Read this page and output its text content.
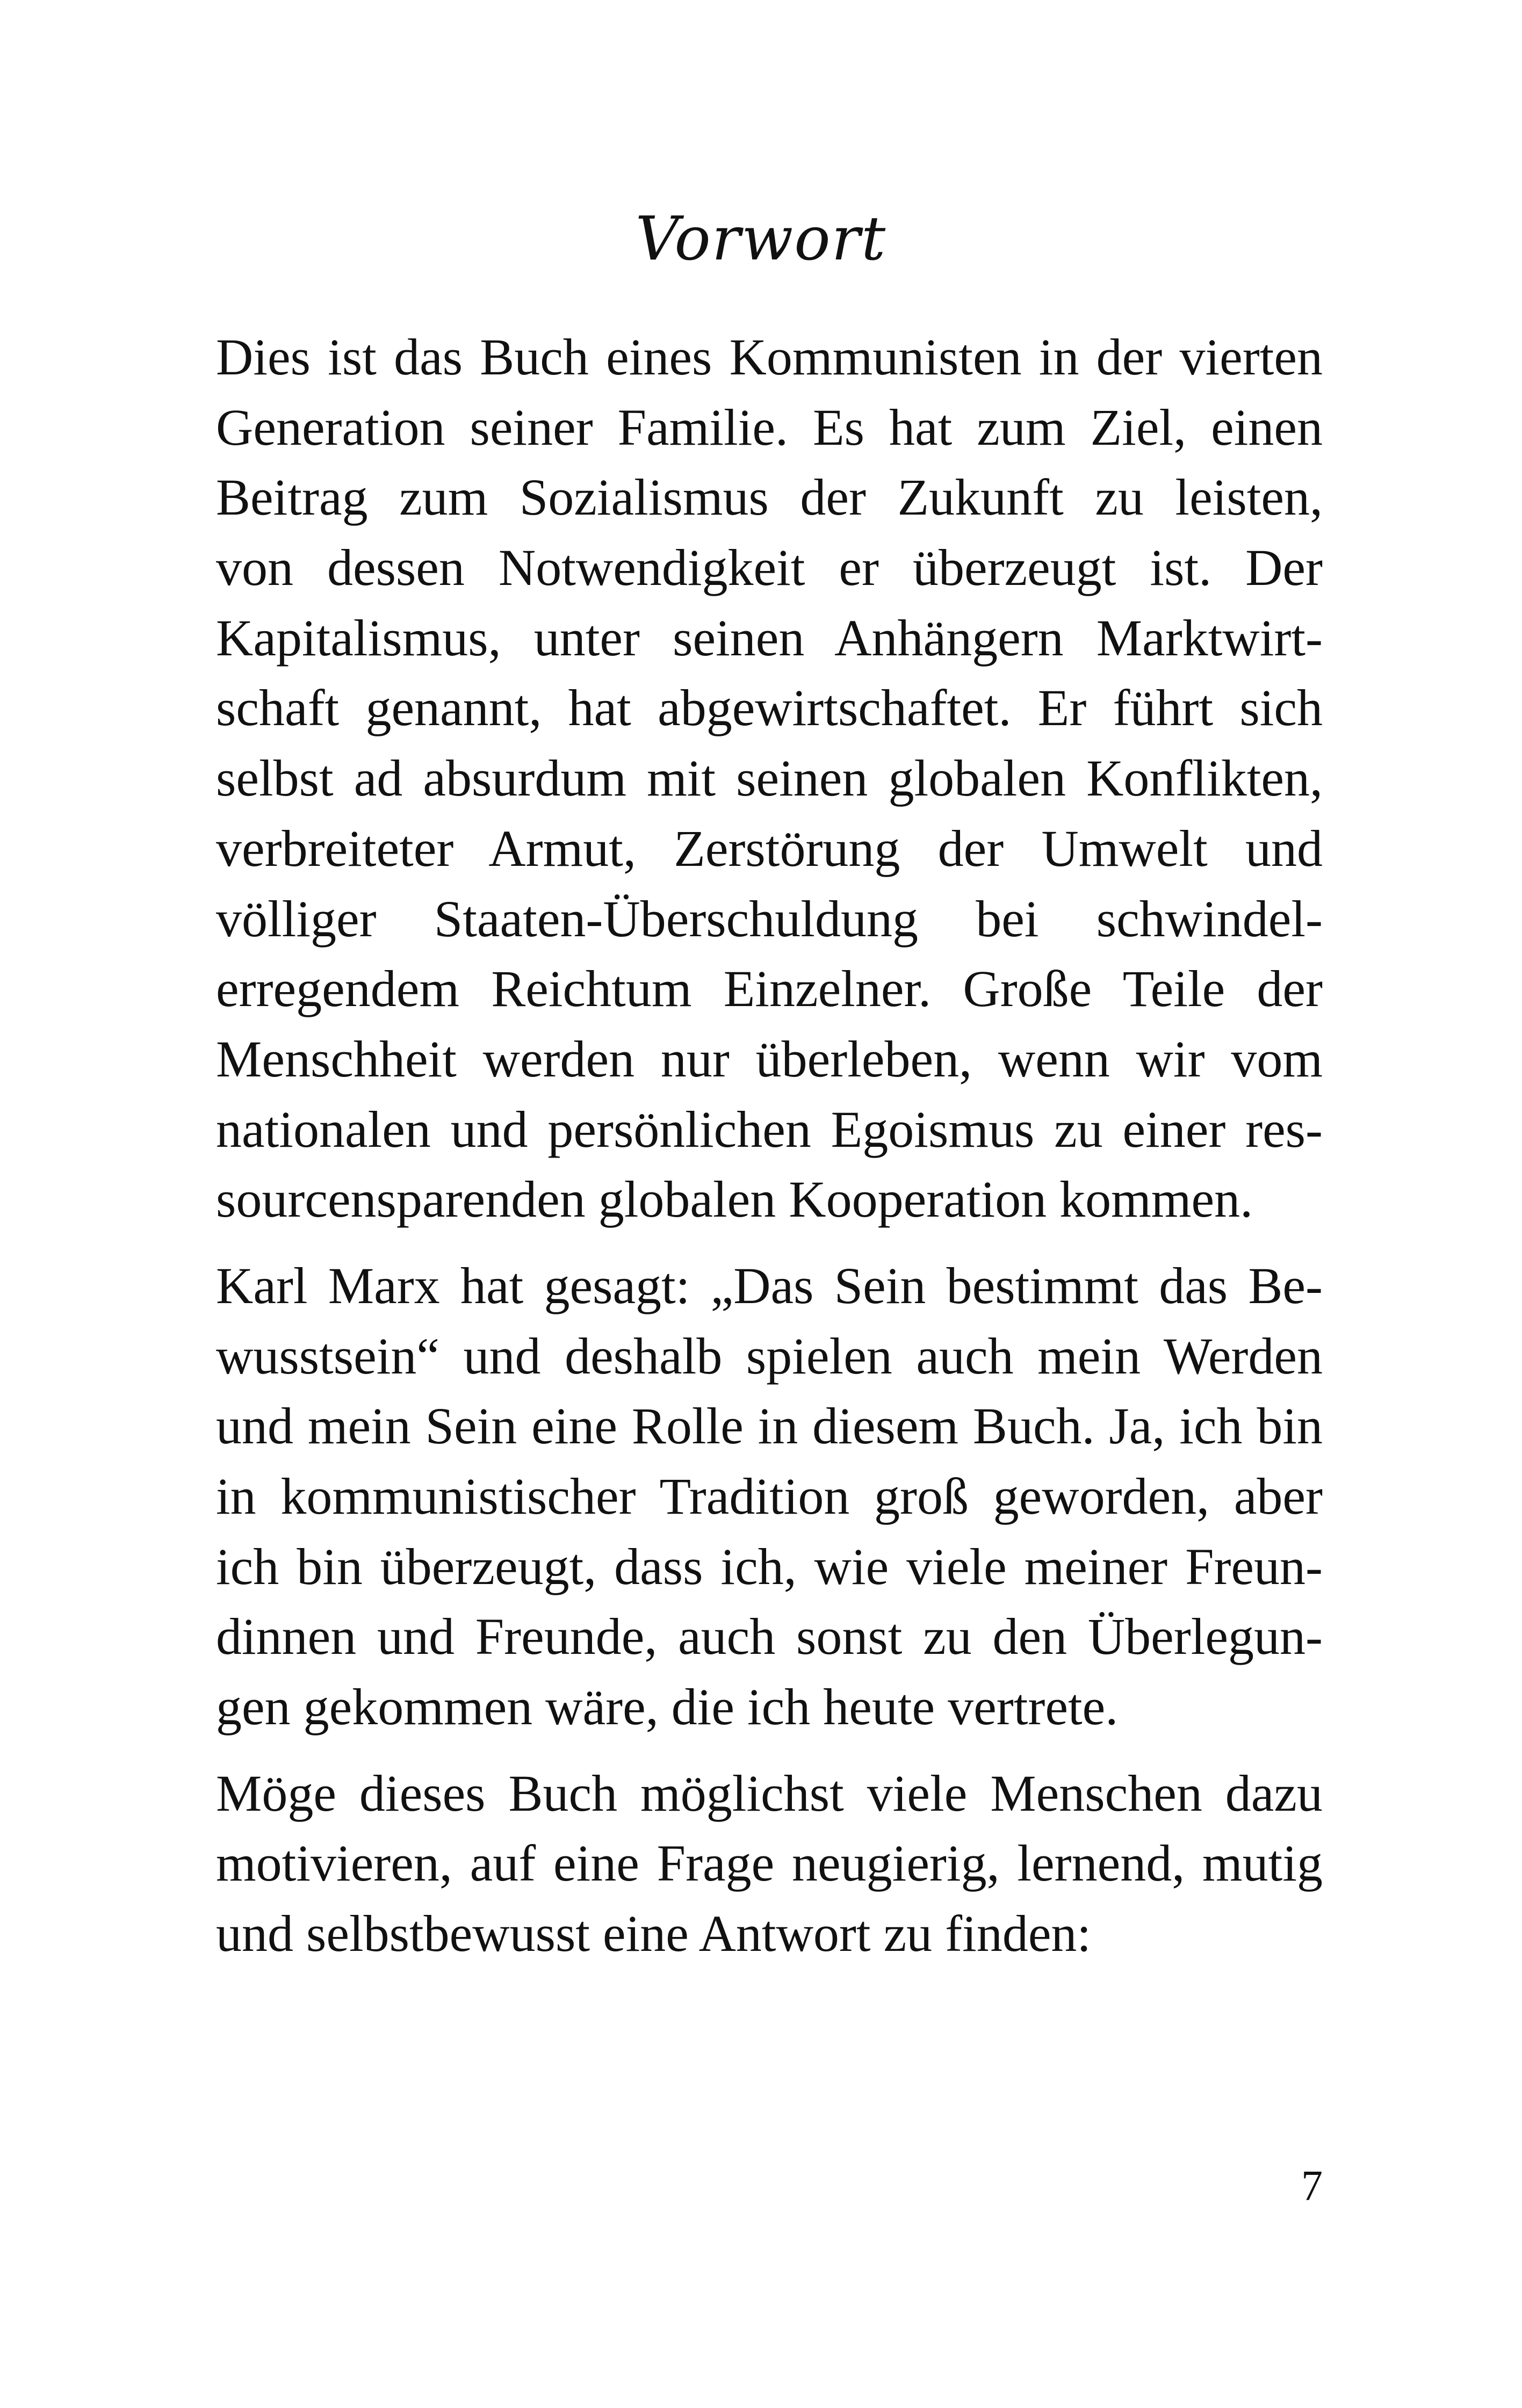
Vorwort

Dies ist das Buch eines Kommunisten in der vierten
Generation seiner Familie. Es hat zum Ziel, einen
Beitrag zum Sozialismus der Zukunft zu leisten,
von dessen Notwendigkeit er überzeugt ist. Der
Kapitalismus, unter seinen Anhängern Marktwirt-
schaft genannt, hat abgewirtschaftet. Er führt sich
selbst ad absurdum mit seinen globalen Konflikten,
verbreiteter Armut, Zerstörung der Umwelt und
völliger Staaten-Überschuldung bei schwindel-
erregendem Reichtum Einzelner. Große Teile der
Menschheit werden nur überleben, wenn wir vom
nationalen und persönlichen Egoismus zu einer res-
sourcensparenden globalen Kooperation kommen.

Karl Marx hat gesagt: „Das Sein bestimmt das Be-
wusstsein“ und deshalb spielen auch mein Werden
und mein Sein eine Rolle in diesem Buch. Ja, ich bin
in kommunistischer Tradition groß geworden, aber
ich bin überzeugt, dass ich, wie viele meiner Freun-
dinnen und Freunde, auch sonst zu den Überlegun-
gen gekommen wäre, die ich heute vertrete.

Möge dieses Buch möglichst viele Menschen dazu
motivieren, auf eine Frage neugierig, lernend, mutig
und selbstbewusst eine Antwort zu finden:

7
